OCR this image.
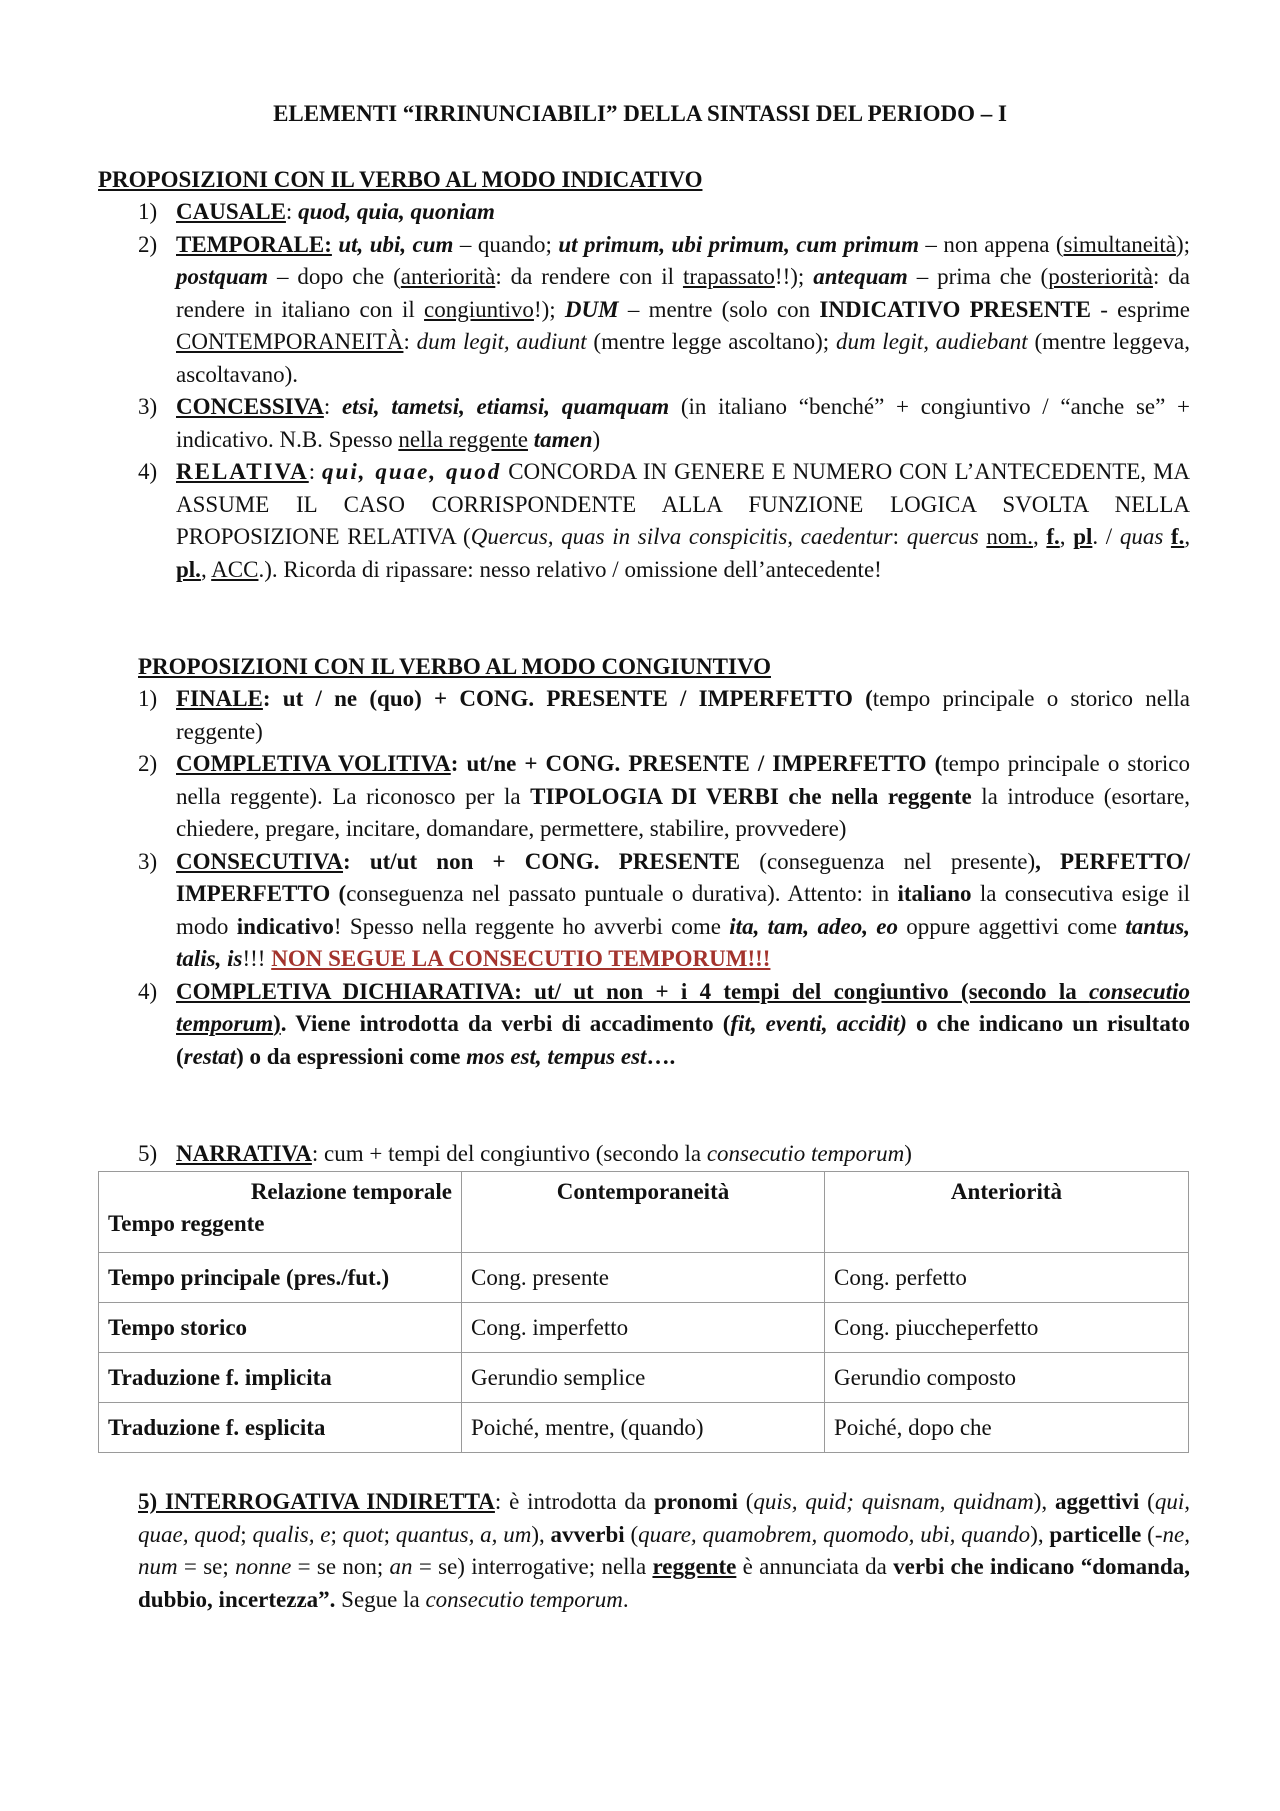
ELEMENTI “IRRINUNCIABILI” DELLA SINTASSI DEL PERIODO – I
PROPOSIZIONI CON IL VERBO AL MODO INDICATIVO
1) CAUSALE: quod, quia, quoniam
2) TEMPORALE: ut, ubi, cum – quando; ut primum, ubi primum, cum primum – non appena (simultaneità); postquam – dopo che (anteriorità: da rendere con il trapassato!!); antequam – prima che (posteriorità: da rendere in italiano con il congiuntivo!); DUM – mentre (solo con INDICATIVO PRESENTE - esprime CONTEMPORANEITÀ: dum legit, audiunt (mentre legge ascoltano); dum legit, audiebant (mentre leggeva, ascoltavano).
3) CONCESSIVA: etsi, tametsi, etiamsi, quamquam (in italiano “benché” + congiuntivo / “anche se” + indicativo. N.B. Spesso nella reggente tamen)
4) RELATIVA: qui, quae, quod CONCORDA IN GENERE E NUMERO CON L’ANTECEDENTE, MA ASSUME IL CASO CORRISPONDENTE ALLA FUNZIONE LOGICA SVOLTA NELLA PROPOSIZIONE RELATIVA (Quercus, quas in silva conspicitis, caedentur: quercus nom., f., pl. / quas f., pl., ACC.). Ricorda di ripassare: nesso relativo / omissione dell’antecedente!
PROPOSIZIONI CON IL VERBO AL MODO CONGIUNTIVO
1) FINALE: ut / ne (quo) + CONG. PRESENTE / IMPERFETTO (tempo principale o storico nella reggente)
2) COMPLETIVA VOLITIVA: ut/ne + CONG. PRESENTE / IMPERFETTO (tempo principale o storico nella reggente). La riconosco per la TIPOLOGIA DI VERBI che nella reggente la introduce (esortare, chiedere, pregare, incitare, domandare, permettere, stabilire, provvedere)
3) CONSECUTIVA: ut/ut non + CONG. PRESENTE (conseguenza nel presente), PERFETTO/ IMPERFETTO (conseguenza nel passato puntuale o durativa). Attento: in italiano la consecutiva esige il modo indicativo! Spesso nella reggente ho avverbi come ita, tam, adeo, eo oppure aggettivi come tantus, talis, is!!! NON SEGUE LA CONSECUTIO TEMPORUM!!!
4) COMPLETIVA DICHIARATIVA: ut/ ut non + i 4 tempi del congiuntivo (secondo la consecutio temporum). Viene introdotta da verbi di accadimento (fit, eventi, accidit) o che indicano un risultato (restat) o da espressioni come mos est, tempus est….
5) NARRATIVA: cum + tempi del congiuntivo (secondo la consecutio temporum)
Relazione temporale
Tempo reggente	Contemporaneità	Anteriorità
Tempo principale (pres./fut.)	Cong. presente	Cong. perfetto
Tempo storico	Cong. imperfetto	Cong. piuccheperfetto
Traduzione f. implicita	Gerundio semplice	Gerundio composto
Traduzione f. esplicita	Poiché, mentre, (quando)	Poiché, dopo che
5) INTERROGATIVA INDIRETTA: è introdotta da pronomi (quis, quid; quisnam, quidnam), aggettivi (qui, quae, quod; qualis, e; quot; quantus, a, um), avverbi (quare, quamobrem, quomodo, ubi, quando), particelle (-ne, num = se; nonne = se non; an = se) interrogative; nella reggente è annunciata da verbi che indicano “domanda, dubbio, incertezza”. Segue la consecutio temporum.
